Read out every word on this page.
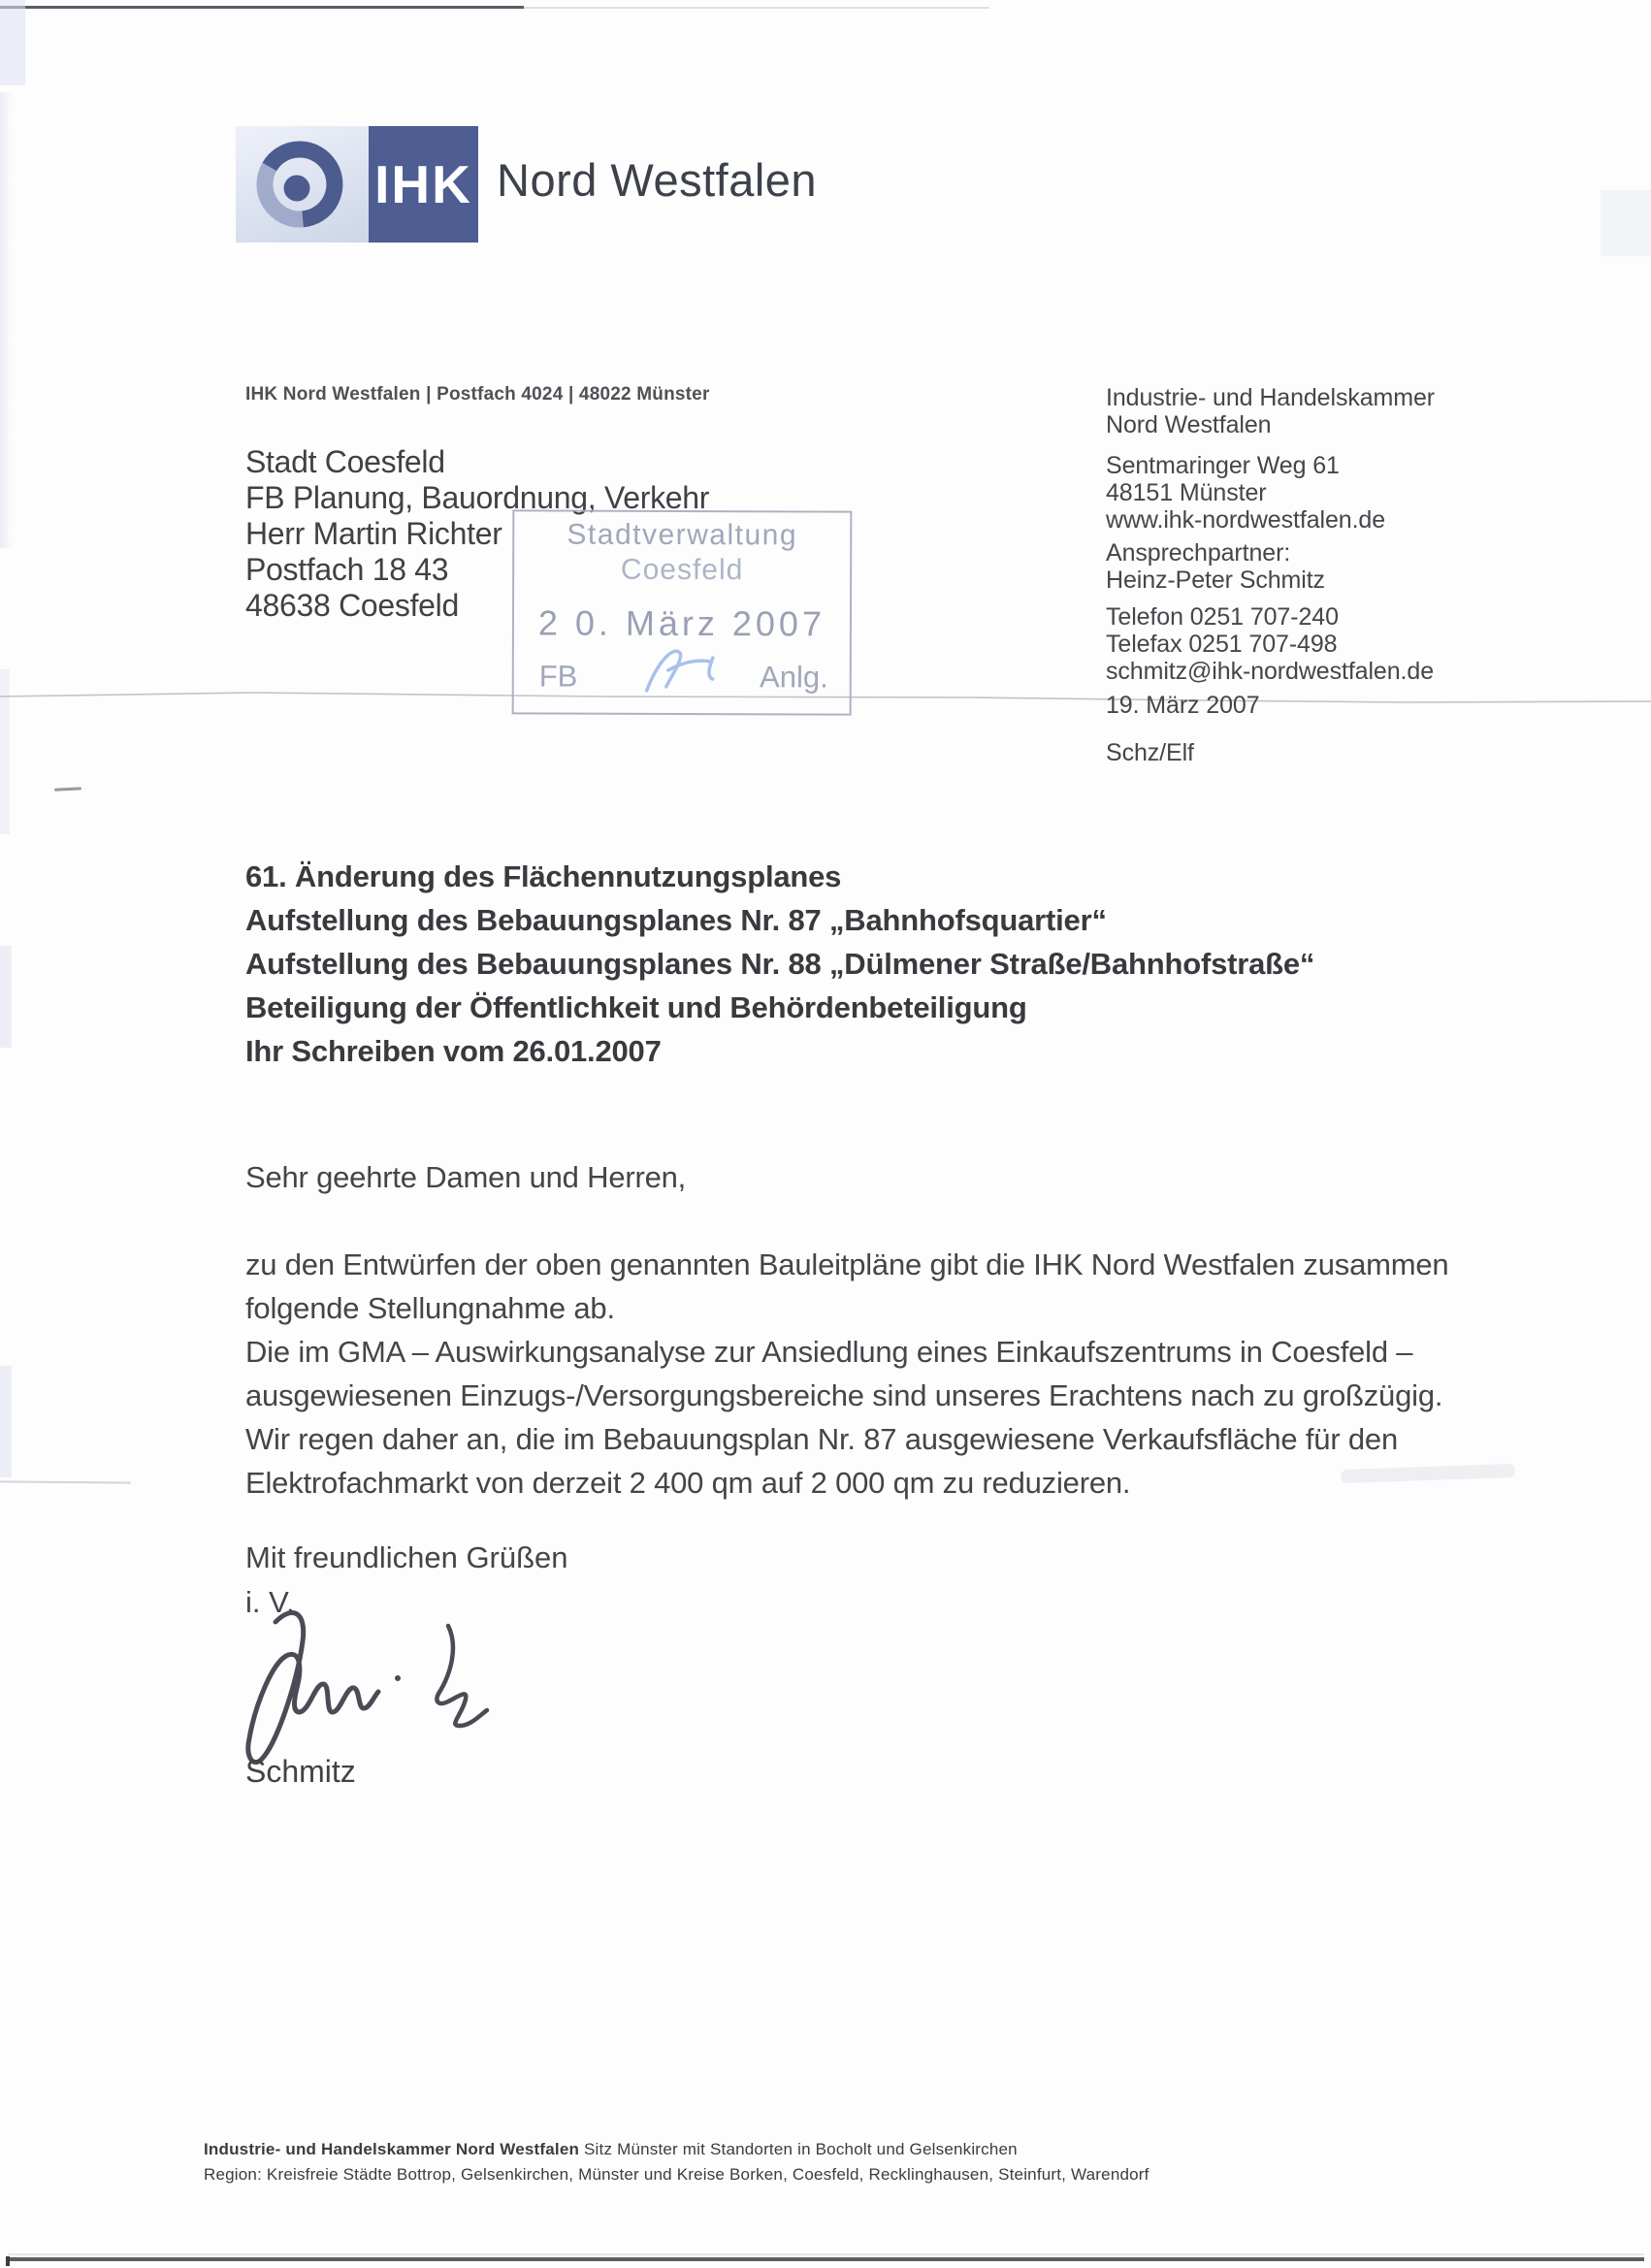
IHK Nord Westfalen
IHK Nord Westfalen | Postfach 4024 | 48022 Münster
Stadt Coesfeld
FB Planung, Bauordnung, Verkehr
Herr Martin Richter
Postfach 18 43
48638 Coesfeld
Stadtverwaltung
Coesfeld
2 0. März 2007
FB	Anlg.
Industrie- und Handelskammer
Nord Westfalen
Sentmaringer Weg 61
48151 Münster
www.ihk-nordwestfalen.de
Ansprechpartner:
Heinz-Peter Schmitz
Telefon 0251 707-240
Telefax 0251 707-498
schmitz@ihk-nordwestfalen.de
19. März 2007
Schz/Elf
61. Änderung des Flächennutzungsplanes
Aufstellung des Bebauungsplanes Nr. 87 „Bahnhofsquartier“
Aufstellung des Bebauungsplanes Nr. 88 „Dülmener Straße/Bahnhofstraße“
Beteiligung der Öffentlichkeit und Behördenbeteiligung
Ihr Schreiben vom 26.01.2007
Sehr geehrte Damen und Herren,
zu den Entwürfen der oben genannten Bauleitpläne gibt die IHK Nord Westfalen zusammen
folgende Stellungnahme ab.
Die im GMA – Auswirkungsanalyse zur Ansiedlung eines Einkaufszentrums in Coesfeld –
ausgewiesenen Einzugs-/Versorgungsbereiche sind unseres Erachtens nach zu großzügig.
Wir regen daher an, die im Bebauungsplan Nr. 87 ausgewiesene Verkaufsfläche für den
Elektrofachmarkt von derzeit 2 400 qm auf 2 000 qm zu reduzieren.
Mit freundlichen Grüßen
i. V.
Schmitz
Industrie- und Handelskammer Nord Westfalen Sitz Münster mit Standorten in Bocholt und Gelsenkirchen
Region: Kreisfreie Städte Bottrop, Gelsenkirchen, Münster und Kreise Borken, Coesfeld, Recklinghausen, Steinfurt, Warendorf
